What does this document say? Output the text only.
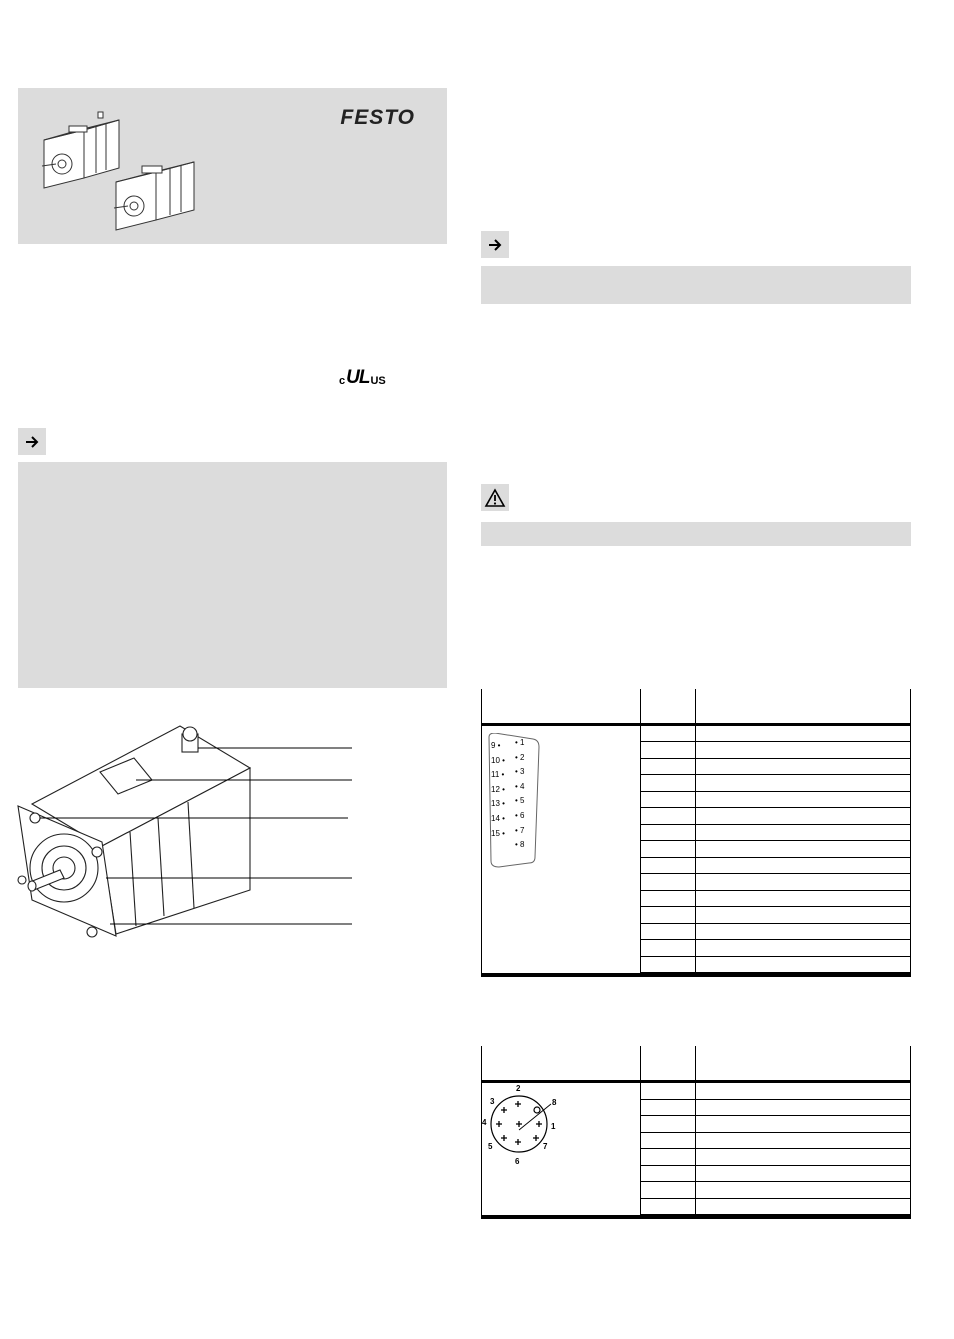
FESTO
c UL US
9 •
10 •
11 •
12 •
13 •
14 •
15 •
• 1
• 2
• 3
• 4
• 5
• 6
• 7
• 8
1
2
3
4
5
6
7
8
